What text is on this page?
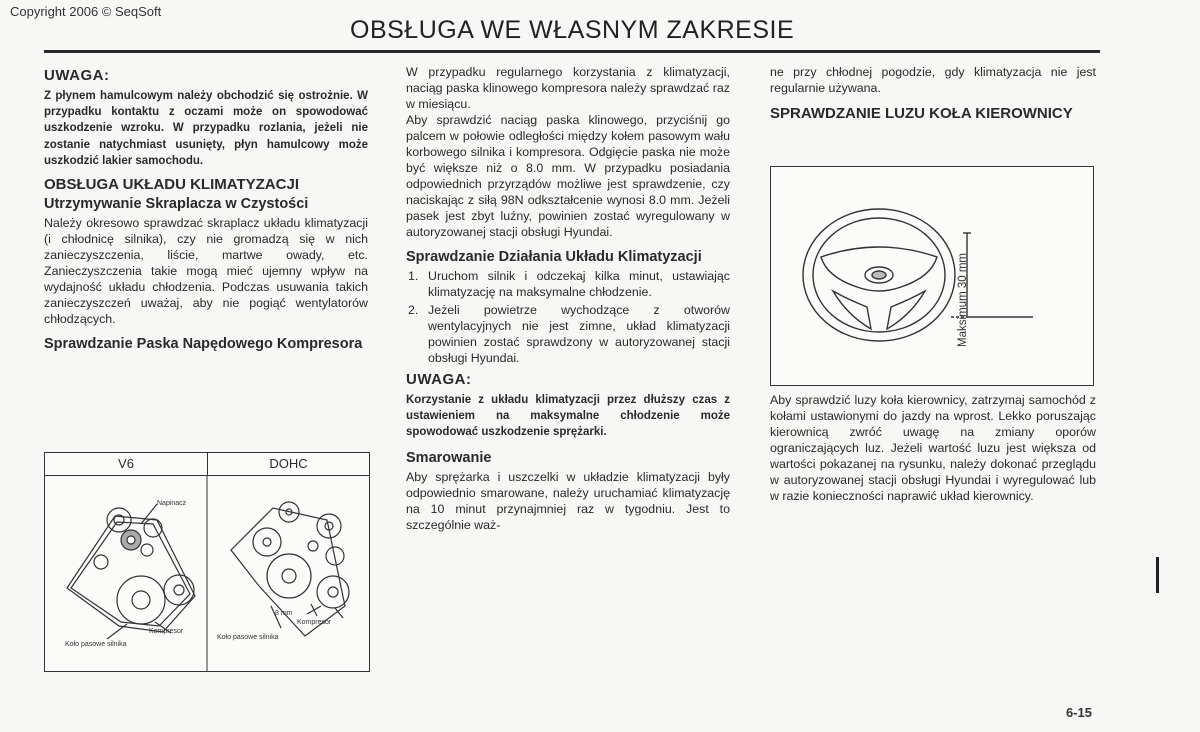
Copyright 2006 © SeqSoft
OBSŁUGA WE WŁASNYM ZAKRESIE
UWAGA:

Z płynem hamulcowym należy obchodzić się ostrożnie. W przypadku kontaktu z oczami może on spowodować uszkodzenie wzroku. W przypadku rozlania, jeżeli nie zostanie natychmiast usunięty, płyn hamulcowy może uszkodzić lakier samochodu.

OBSŁUGA UKŁADU KLIMATYZACJI
Utrzymywanie Skraplacza w Czystości

Należy okresowo sprawdzać skraplacz układu klimatyzacji (i chłodnicę silnika), czy nie gromadzą się w nich zanieczyszczenia, liście, martwe owady, etc. Zanieczyszczenia takie mogą mieć ujemny wpływ na wydajność układu chłodzenia. Podczas usuwania takich zanieczyszczeń uważaj, aby nie pogiąć wentylatorów chłodzących.

Sprawdzanie Paska Napędowego Kompresora
V6	DOHC
Napinacz
Kompresor
Koło pasowe silnika
8 mm
Kompresor
Koło pasowe silnika

W przypadku regularnego korzystania z klimatyzacji, naciąg paska klinowego kompresora należy sprawdzać raz w miesiącu.

Aby sprawdzić naciąg paska klinowego, przyciśnij go palcem w połowie odległości między kołem pasowym wału korbowego silnika i kompresora. Odgięcie paska nie może być większe niż o 8.0 mm. W przypadku posiadania odpowiednich przyrządów możliwe jest sprawdzenie, czy naciskając z siłą 98N odkształcenie wynosi 8.0 mm. Jeżeli pasek jest zbyt luźny, powinien zostać wyregulowany w autoryzowanej stacji obsługi Hyundai.

Sprawdzanie Działania Układu Klimatyzacji
1. Uruchom silnik i odczekaj kilka minut, ustawiając klimatyzację na maksymalne chłodzenie.
2. Jeżeli powietrze wychodzące z otworów wentylacyjnych nie jest zimne, układ klimatyzacji powinien zostać sprawdzony w autoryzowanej stacji obsługi Hyundai.
UWAGA:

Korzystanie z układu klimatyzacji przez dłuższy czas z ustawieniem na maksymalne chłodzenie może spowodować uszkodzenie sprężarki.

Smarowanie

Aby sprężarka i uszczelki w układzie klimatyzacji były odpowiednio smarowane, należy uruchamiać klimatyzację na 10 minut przynajmniej raz w tygodniu. Jest to szczególnie waż-

ne przy chłodnej pogodzie, gdy klimatyzacja nie jest regularnie używana.

SPRAWDZANIE LUZU KOŁA KIEROWNICY
Maksimum 30 mm

Aby sprawdzić luzy koła kierownicy, zatrzymaj samochód z kołami ustawionymi do jazdy na wprost. Lekko poruszając kierownicą zwróć uwagę na zmiany oporów ograniczających luz. Jeżeli wartość luzu jest większa od wartości pokazanej na rysunku, należy dokonać przeglądu w autoryzowanej stacji obsługi Hyundai i wyregulować lub w razie konieczności naprawić układ kierownicy.

6-15
